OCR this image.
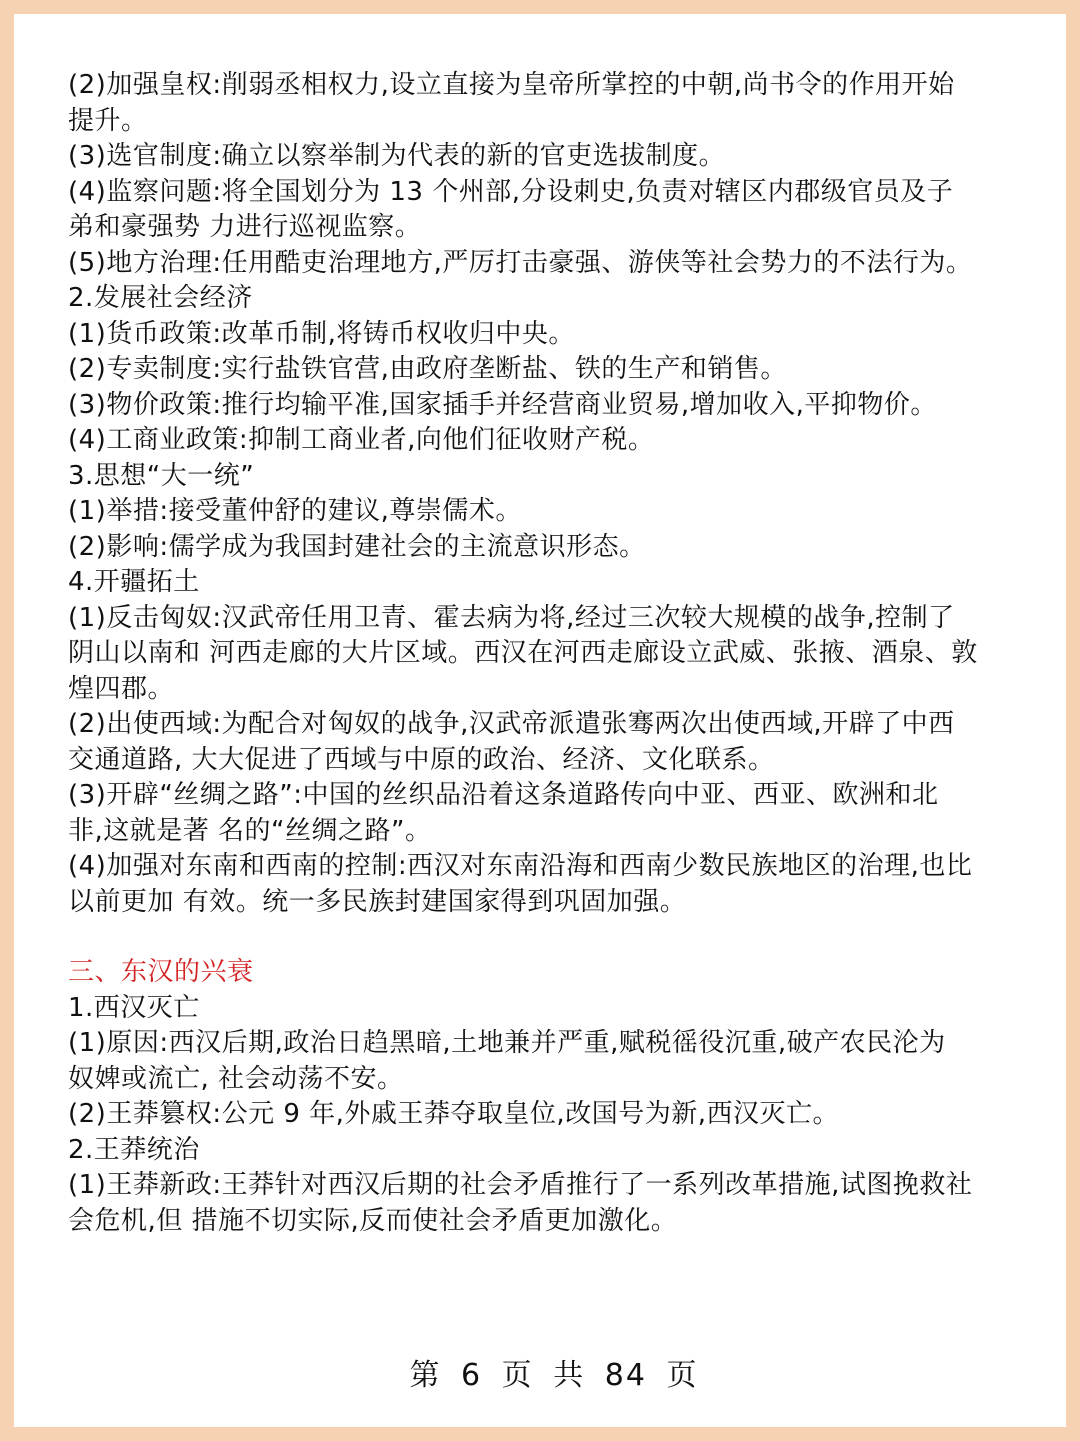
(2)加强皇权:削弱丞相权力,设立直接为皇帝所掌控的中朝,尚书令的作用开始

提升。

(3)选官制度:确立以察举制为代表的新的官吏选拔制度。

(4)监察问题:将全国划分为 13 个州部,分设刺史,负责对辖区内郡级官员及子

弟和豪强势 力进行巡视监察。

(5)地方治理:任用酷吏治理地方,严厉打击豪强、游侠等社会势力的不法行为。

2.发展社会经济

(1)货币政策:改革币制,将铸币权收归中央。

(2)专卖制度:实行盐铁官营,由政府垄断盐、铁的生产和销售。

(3)物价政策:推行均输平准,国家插手并经营商业贸易,增加收入,平抑物价。

(4)工商业政策:抑制工商业者,向他们征收财产税。

3.思想“大一统”

(1)举措:接受董仲舒的建议,尊崇儒术。

(2)影响:儒学成为我国封建社会的主流意识形态。

4.开疆拓土

(1)反击匈奴:汉武帝任用卫青、霍去病为将,经过三次较大规模的战争,控制了

阴山以南和 河西走廊的大片区域。西汉在河西走廊设立武威、张掖、酒泉、敦

煌四郡。

(2)出使西域:为配合对匈奴的战争,汉武帝派遣张骞两次出使西域,开辟了中西

交通道路, 大大促进了西域与中原的政治、经济、文化联系。

(3)开辟“丝绸之路”:中国的丝织品沿着这条道路传向中亚、西亚、欧洲和北

非,这就是著 名的“丝绸之路”。

(4)加强对东南和西南的控制:西汉对东南沿海和西南少数民族地区的治理,也比

以前更加 有效。统一多民族封建国家得到巩固加强。

三、东汉的兴衰

1.西汉灭亡

(1)原因:西汉后期,政治日趋黑暗,土地兼并严重,赋税徭役沉重,破产农民沦为

奴婢或流亡, 社会动荡不安。

(2)王莽篡权:公元 9 年,外戚王莽夺取皇位,改国号为新,西汉灭亡。

2.王莽统治

(1)王莽新政:王莽针对西汉后期的社会矛盾推行了一系列改革措施,试图挽救社

会危机,但 措施不切实际,反而使社会矛盾更加激化。

第 6 页 共 84 页
